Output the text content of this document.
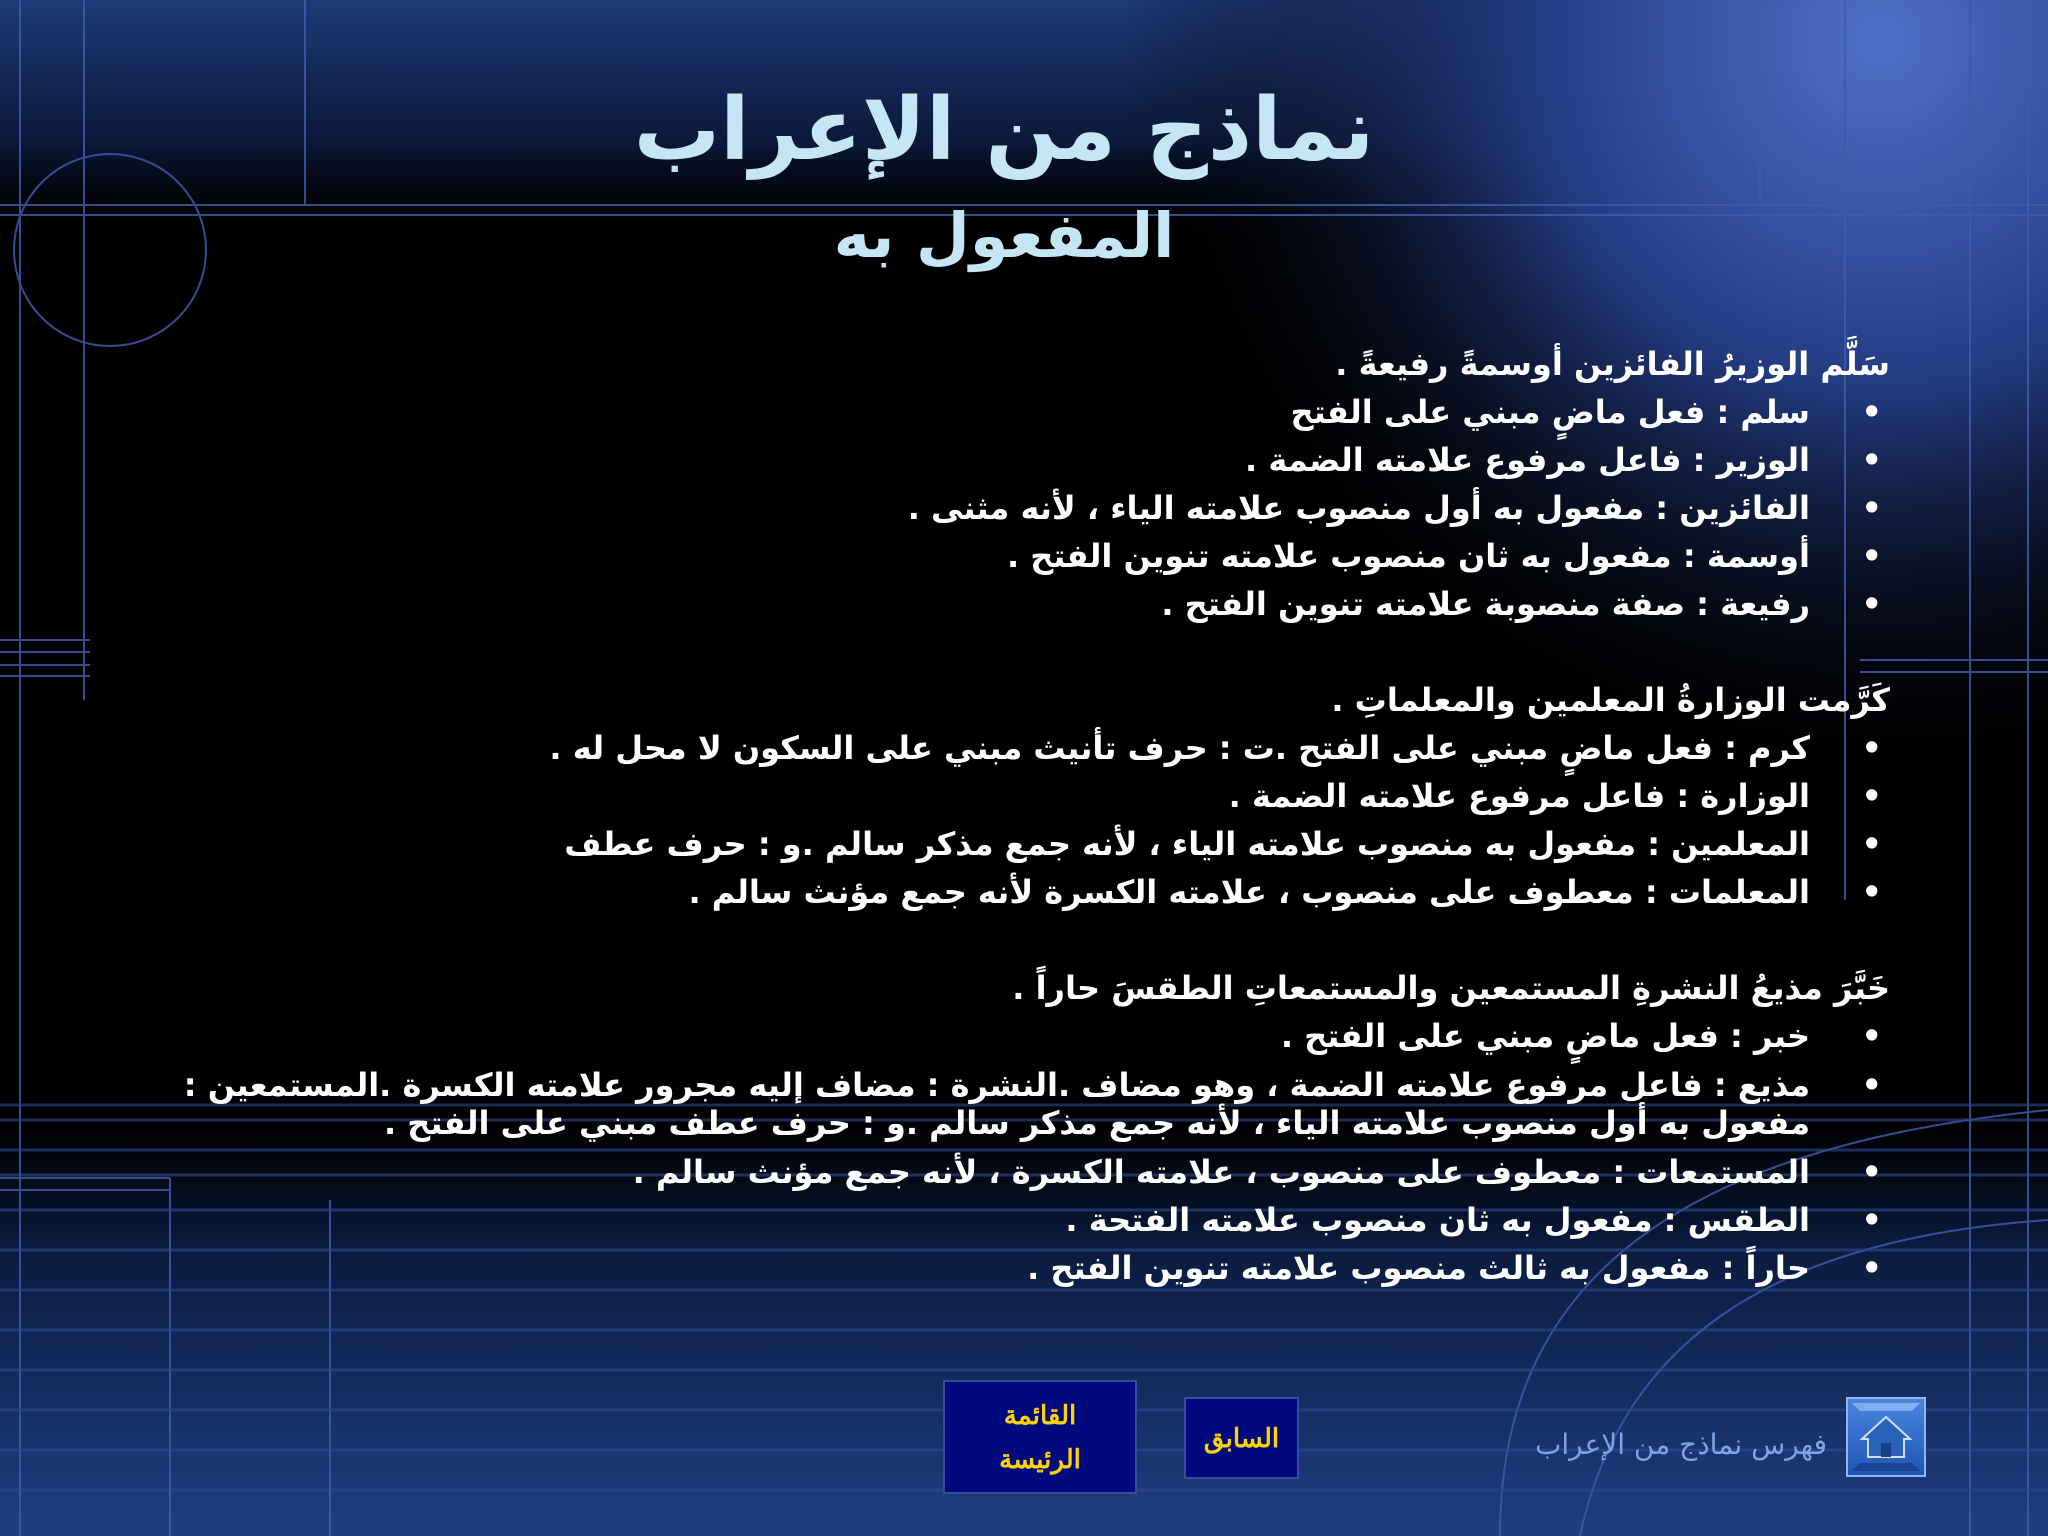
نماذج من الإعراب
المفعول به

سَلَّم الوزيرُ الفائزين أوسمةً رفيعةً .

• سلم : فعل ماضٍ مبني على الفتح
• الوزير : فاعل مرفوع علامته الضمة .
• الفائزين : مفعول به أول منصوب علامته الياء ، لأنه مثنى .
• أوسمة : مفعول به ثان منصوب علامته تنوين الفتح .
• رفيعة : صفة منصوبة علامته تنوين الفتح .

كَرَّمت الوزارةُ المعلمين والمعلماتِ .

• كرم : فعل ماضٍ مبني على الفتح .ت : حرف تأنيث مبني على السكون لا محل له .
• الوزارة : فاعل مرفوع علامته الضمة .
• المعلمين : مفعول به منصوب علامته الياء ، لأنه جمع مذكر سالم .و : حرف عطف
• المعلمات : معطوف على منصوب ، علامته الكسرة لأنه جمع مؤنث سالم .

خَبَّرَ مذيعُ النشرةِ المستمعين والمستمعاتِ الطقسَ حاراً .

• خبر : فعل ماضٍ مبني على الفتح .
• مذيع : فاعل مرفوع علامته الضمة ، وهو مضاف .النشرة : مضاف إليه مجرور علامته الكسرة .المستمعين : مفعول به أول منصوب علامته الياء ، لأنه جمع مذكر سالم .و : حرف عطف مبني على الفتح .
• المستمعات : معطوف على منصوب ، علامته الكسرة ، لأنه جمع مؤنث سالم .
• الطقس : مفعول به ثان منصوب علامته الفتحة .
• حاراً : مفعول به ثالث منصوب علامته تنوين الفتح .
القائمة
الرئيسة
السابق	فهرس نماذج من الإعراب
